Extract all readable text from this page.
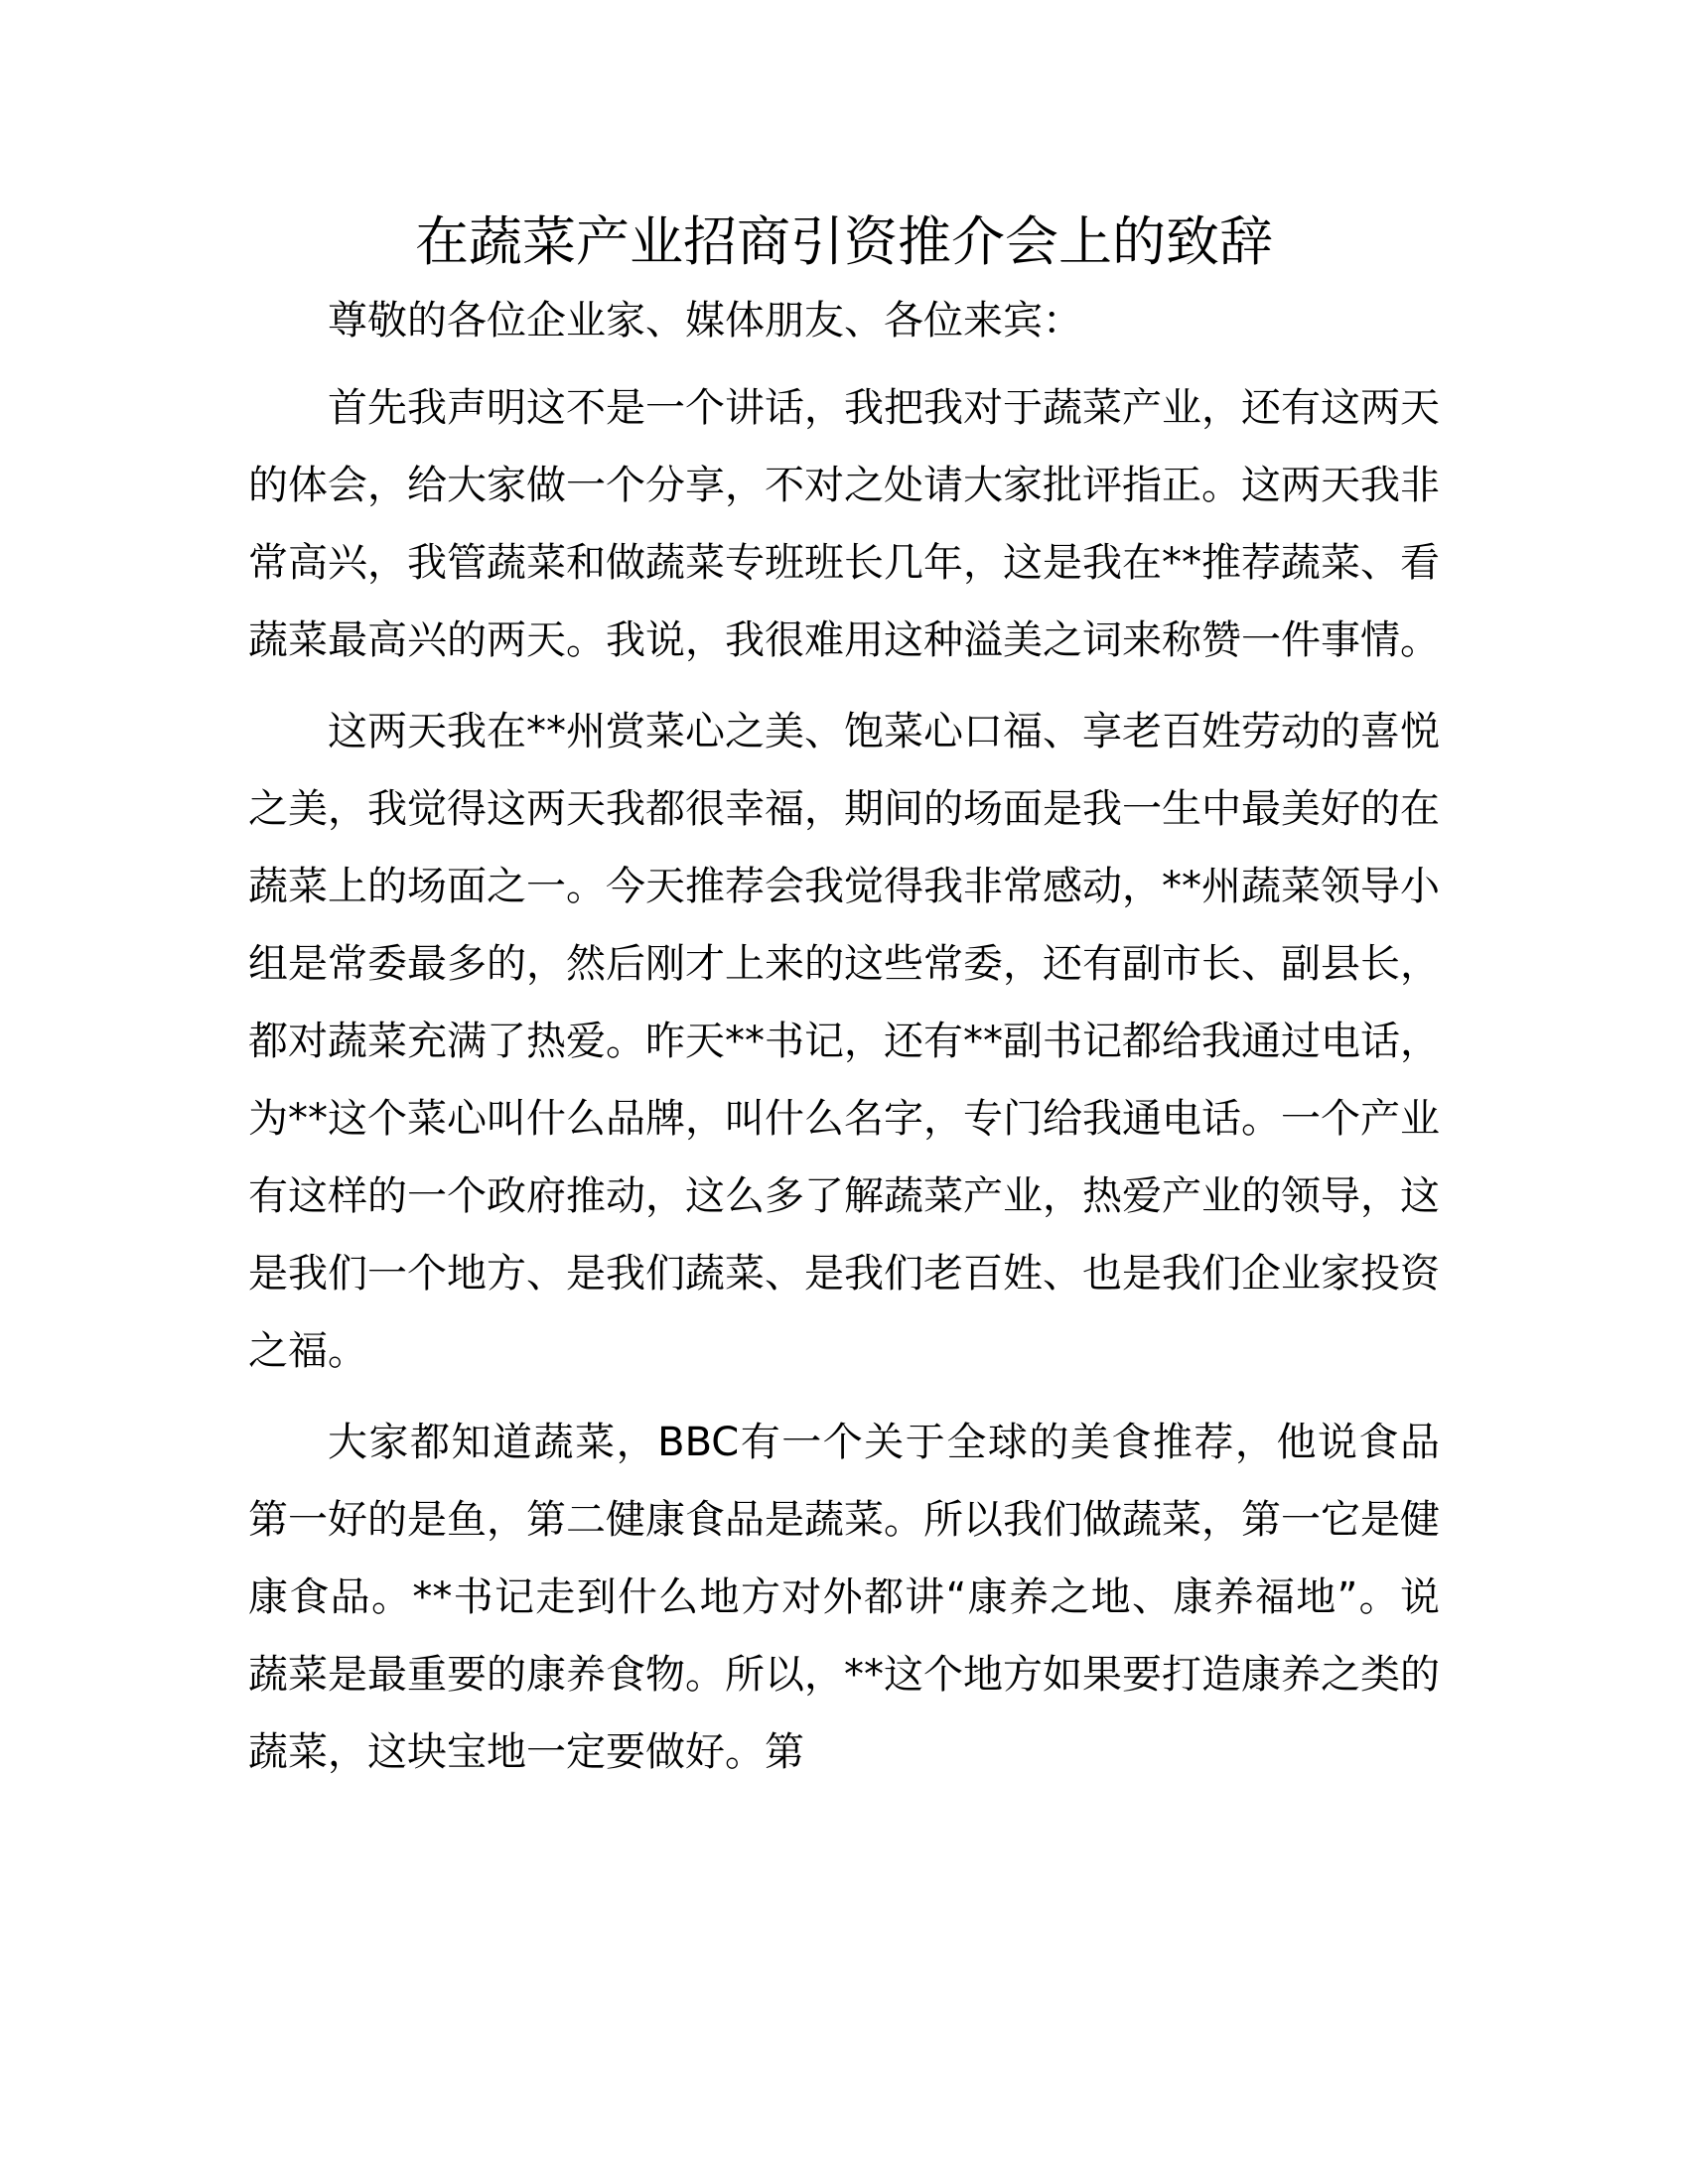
在蔬菜产业招商引资推介会上的致辞

尊敬的各位企业家、媒体朋友、各位来宾：

首先我声明这不是一个讲话，我把我对于蔬菜产业，还有这两天的体会，给大家做一个分享，不对之处请大家批评指正。这两天我非常高兴，我管蔬菜和做蔬菜专班班长几年，这是我在**推荐蔬菜、看蔬菜最高兴的两天。我说，我很难用这种溢美之词来称赞一件事情。

这两天我在**州赏菜心之美、饱菜心口福、享老百姓劳动的喜悦之美，我觉得这两天我都很幸福，期间的场面是我一生中最美好的在蔬菜上的场面之一。今天推荐会我觉得我非常感动，**州蔬菜领导小组是常委最多的，然后刚才上来的这些常委，还有副市长、副县长，都对蔬菜充满了热爱。昨天**书记，还有**副书记都给我通过电话，为**这个菜心叫什么品牌，叫什么名字，专门给我通电话。一个产业有这样的一个政府推动，这么多了解蔬菜产业，热爱产业的领导，这是我们一个地方、是我们蔬菜、是我们老百姓、也是我们企业家投资之福。

大家都知道蔬菜，BBC有一个关于全球的美食推荐，他说食品第一好的是鱼，第二健康食品是蔬菜。所以我们做蔬菜，第一它是健康食品。**书记走到什么地方对外都讲“康养之地、康养福地”。说蔬菜是最重要的康养食物。所以，**这个地方如果要打造康养之类的蔬菜，这块宝地一定要做好。第
